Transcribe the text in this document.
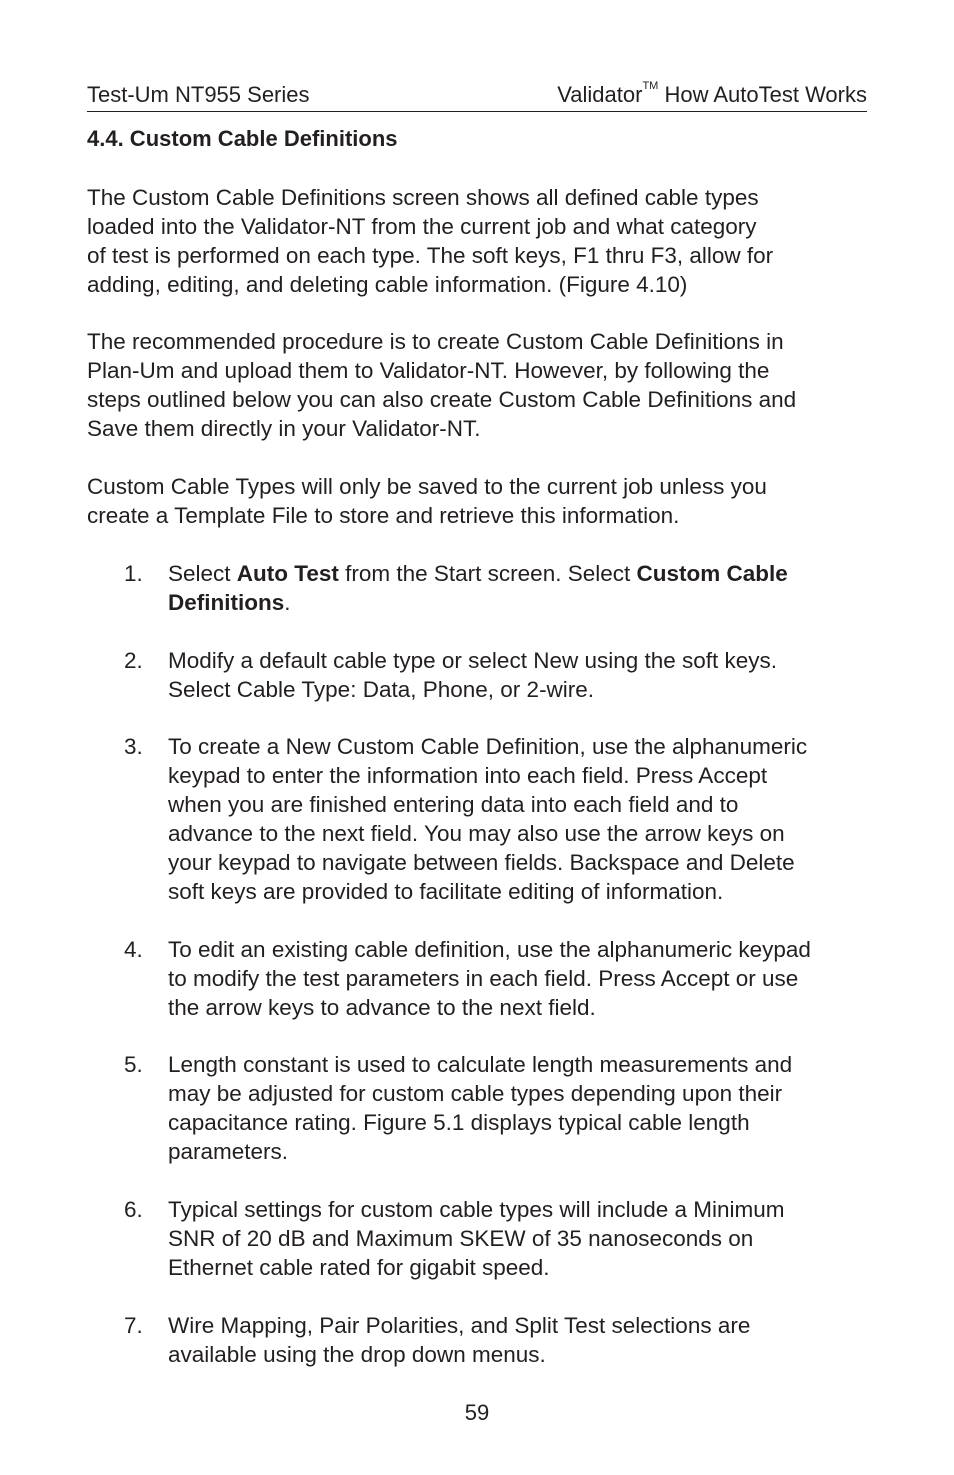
Test-Um NT955 Series	Validator™ How AutoTest Works
4.4. Custom Cable Definitions

The Custom Cable Definitions screen shows all defined cable types

loaded into the Validator-NT from the current job and what category

of test is performed on each type. The soft keys, F1 thru F3, allow for

adding, editing, and deleting cable information. (Figure 4.10)

The recommended procedure is to create Custom Cable Definitions in

Plan-Um and upload them to Validator-NT. However, by following the

steps outlined below you can also create Custom Cable Definitions and

Save them directly in your Validator-NT.

Custom Cable Types will only be saved to the current job unless you

create a Template File to store and retrieve this information.

1. Select Auto Test from the Start screen. Select Custom Cable
Definitions.
2. Modify a default cable type or select New using the soft keys.
Select Cable Type: Data, Phone, or 2-wire.
3. To create a New Custom Cable Definition, use the alphanumeric
keypad to enter the information into each field. Press Accept
when you are finished entering data into each field and to
advance to the next field. You may also use the arrow keys on
your keypad to navigate between fields. Backspace and Delete
soft keys are provided to facilitate editing of information.
4. To edit an existing cable definition, use the alphanumeric keypad
to modify the test parameters in each field. Press Accept or use
the arrow keys to advance to the next field.
5. Length constant is used to calculate length measurements and
may be adjusted for custom cable types depending upon their
capacitance rating. Figure 5.1 displays typical cable length
parameters.
6. Typical settings for custom cable types will include a Minimum
SNR of 20 dB and Maximum SKEW of 35 nanoseconds on
Ethernet cable rated for gigabit speed.
7. Wire Mapping, Pair Polarities, and Split Test selections are
available using the drop down menus.
59
